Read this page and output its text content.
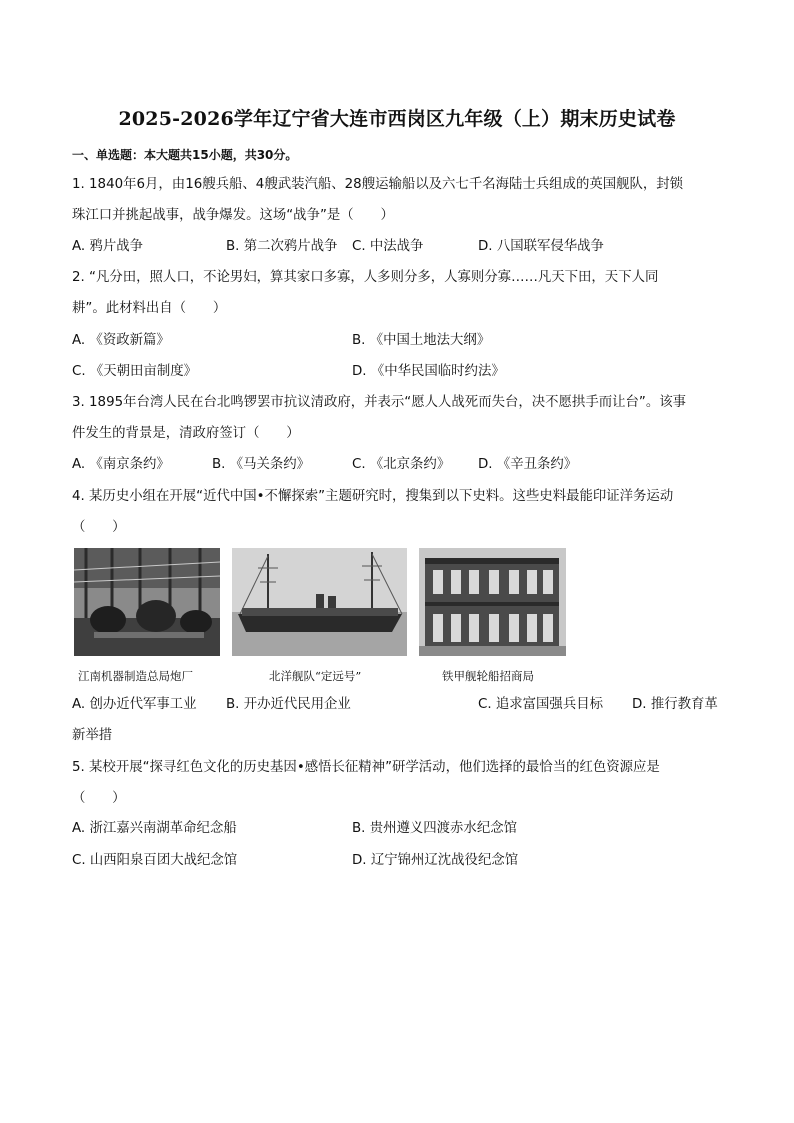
2025-2026学年辽宁省大连市西岗区九年级（上）期末历史试卷
一、单选题：本大题共15小题，共30分。
1. 1840年6月，由16艘兵船、4艘武装汽船、28艘运输船以及六七千名海陆士兵组成的英国舰队，封锁
珠江口并挑起战事，战争爆发。这场“战争”是（　　）
A. 鸦片战争	B. 第二次鸦片战争 C. 中法战争	D. 八国联军侵华战争
2. “凡分田，照人口，不论男妇，算其家口多寡，人多则分多，人寡则分寡……凡天下田，天下人同
耕”。此材料出自（　　）
A. 《资政新篇》	B. 《中国土地法大纲》
C. 《天朝田亩制度》	D. 《中华民国临时约法》
3. 1895年台湾人民在台北鸣锣罢市抗议清政府，并表示“愿人人战死而失台，决不愿拱手而让台”。该事
件发生的背景是，清政府签订（　　）
A. 《南京条约》	B. 《马关条约》	C. 《北京条约》 D. 《辛丑条约》
4. 某历史小组在开展“近代中国•不懈探索”主题研究时，搜集到以下史料。这些史料最能印证洋务运动
（　　）
江南机器制造总局炮厂	北洋舰队“定远号”	铁甲舰轮船招商局
A. 创办近代军事工业 B. 开办近代民用企业	C. 追求富国强兵目标 D. 推行教育革
新举措
5. 某校开展“探寻红色文化的历史基因•感悟长征精神”研学活动，他们选择的最恰当的红色资源应是
（　　）
A. 浙江嘉兴南湖革命纪念船	B. 贵州遵义四渡赤水纪念馆
C. 山西阳泉百团大战纪念馆	D. 辽宁锦州辽沈战役纪念馆
